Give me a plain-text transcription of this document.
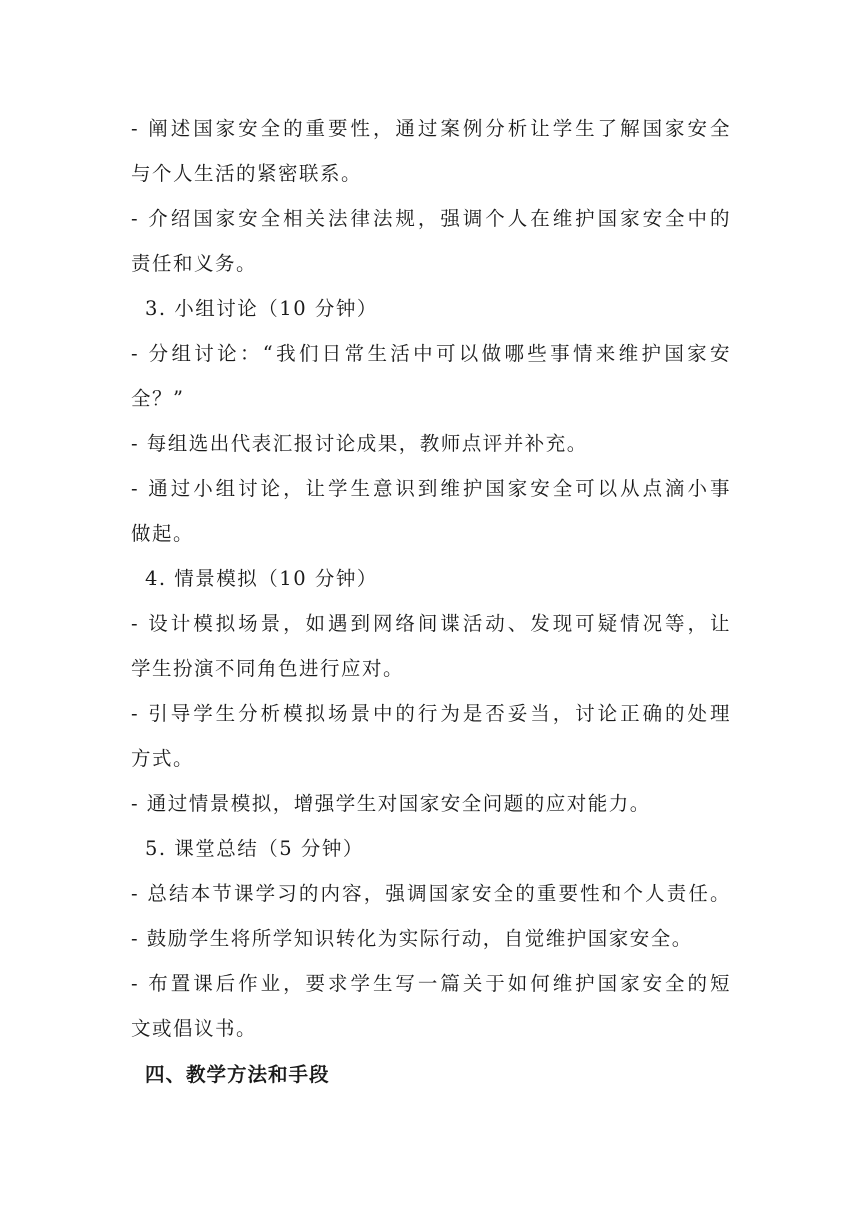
- 阐述国家安全的重要性，通过案例分析让学生了解国家安全
与个人生活的紧密联系。
- 介绍国家安全相关法律法规，强调个人在维护国家安全中的
责任和义务。
3. 小组讨论（10 分钟）
- 分组讨论：“我们日常生活中可以做哪些事情来维护国家安
全？”
- 每组选出代表汇报讨论成果，教师点评并补充。
- 通过小组讨论，让学生意识到维护国家安全可以从点滴小事
做起。
4. 情景模拟（10 分钟）
- 设计模拟场景，如遇到网络间谍活动、发现可疑情况等，让
学生扮演不同角色进行应对。
- 引导学生分析模拟场景中的行为是否妥当，讨论正确的处理
方式。
- 通过情景模拟，增强学生对国家安全问题的应对能力。
5. 课堂总结（5 分钟）
- 总结本节课学习的内容，强调国家安全的重要性和个人责任。
- 鼓励学生将所学知识转化为实际行动，自觉维护国家安全。
- 布置课后作业，要求学生写一篇关于如何维护国家安全的短
文或倡议书。
四、教学方法和手段
